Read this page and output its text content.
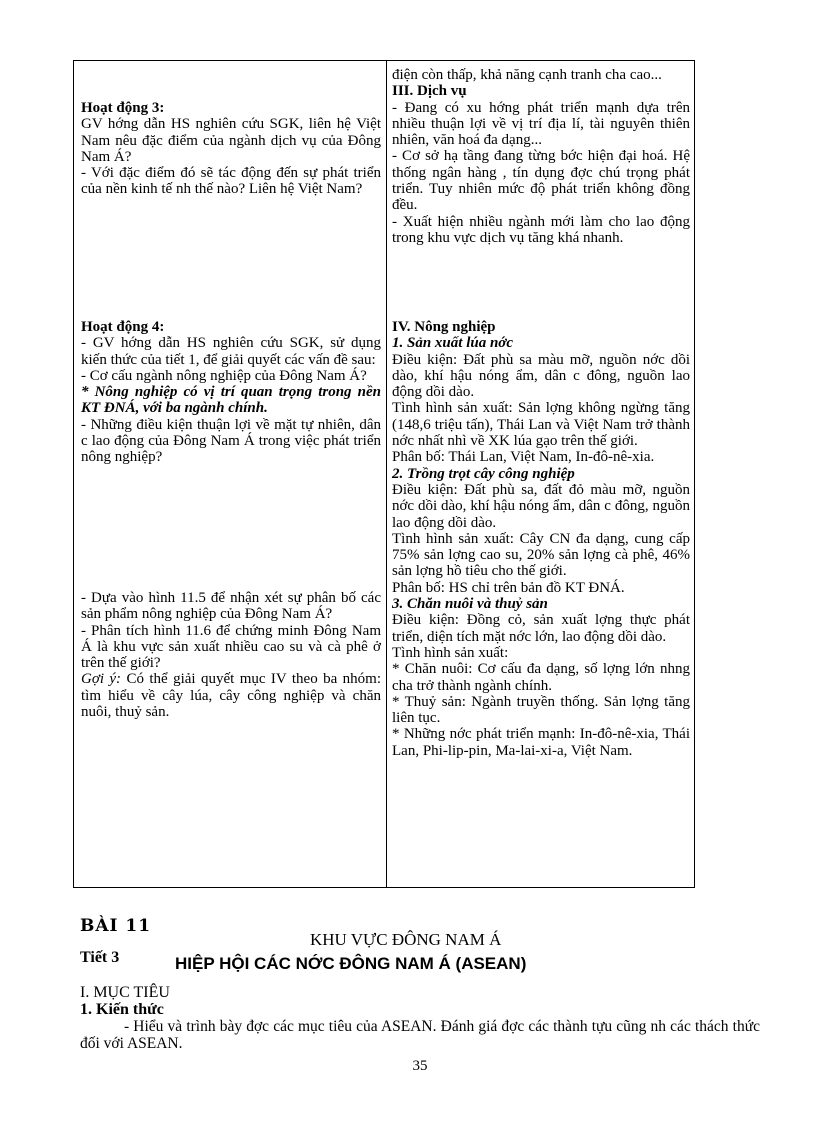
Hoạt động 3:

GV hớng dẫn HS nghiên cứu SGK, liên hệ Việt Nam nêu đặc điểm của ngành dịch vụ của Đông Nam Á?

- Với đặc điểm đó sẽ tác động đến sự phát triển của nền kinh tế nh thế nào? Liên hệ Việt Nam?

Hoạt động 4:

- GV hớng dẫn HS nghiên cứu SGK, sử dụng kiến thức của tiết 1, để giải quyết các vấn đề sau:

- Cơ cấu ngành nông nghiệp của Đông Nam Á?

* Nông nghiệp có vị trí quan trọng trong nền KT ĐNÁ, với ba ngành chính.

- Những điều kiện thuận lợi về mặt tự nhiên, dân c lao động của Đông Nam Á trong việc phát triển nông nghiệp?

- Dựa vào hình 11.5 để nhận xét sự phân bố các sản phẩm nông nghiệp của Đông Nam Á?

- Phân tích hình 11.6 để chứng minh Đông Nam Á là khu vực sản xuất nhiều cao su và cà phê ở trên thế giới?

Gợi ý: Có thể giải quyết mục IV theo ba nhóm: tìm hiểu về cây lúa, cây công nghiệp và chăn nuôi, thuỷ sản.

điện còn thấp, khả năng cạnh tranh cha cao...

III. Dịch vụ

- Đang có xu hớng phát triển mạnh dựa trên nhiều thuận lợi về vị trí địa lí, tài nguyên thiên nhiên, văn hoá đa dạng...

- Cơ sở hạ tầng đang từng bớc hiện đại hoá. Hệ thống ngân hàng , tín dụng đợc chú trọng phát triển. Tuy nhiên mức độ phát triển không đồng đều.

- Xuất hiện nhiều ngành mới làm cho lao động trong khu vực dịch vụ tăng khá nhanh.

IV. Nông nghiệp

1. Sản xuất lúa nớc

Điều kiện: Đất phù sa màu mỡ, nguồn nớc dồi dào, khí hậu nóng ẩm, dân c đông, nguồn lao động dồi dào.

Tình hình sản xuất: Sản lợng không ngừng tăng (148,6 triệu tấn), Thái Lan và Việt Nam trở thành nớc nhất nhì về XK lúa gạo trên thế giới.

Phân bố: Thái Lan, Việt Nam, In-đô-nê-xia.

2. Trồng trọt cây công nghiệp

Điều kiện: Đất phù sa, đất đỏ màu mỡ, nguồn nớc dồi dào, khí hậu nóng ẩm, dân c đông, nguồn lao động dồi dào.

Tình hình sản xuất: Cây CN đa dạng, cung cấp 75% sản lợng cao su, 20% sản lợng cà phê, 46% sản lợng hồ tiêu cho thế giới.

Phân bố: HS chỉ trên bản đồ KT ĐNÁ.

3. Chăn nuôi và thuỷ sản

Điều kiện: Đồng cỏ, sản xuất lợng thực phát triển, diện tích mặt nớc lớn, lao động dồi dào.

Tình hình sản xuất:

* Chăn nuôi: Cơ cấu đa dạng, số lợng lớn nhng cha trở thành ngành chính.

* Thuỷ sản: Ngành truyền thống. Sản lợng tăng liên tục.

* Những nớc phát triển mạnh: In-đô-nê-xia, Thái Lan, Phi-lip-pin, Ma-lai-xi-a, Việt Nam.

BÀI 11
KHU VỰC ĐÔNG NAM Á
Tiết 3	HIỆP HỘI CÁC NỚC ĐÔNG NAM Á (ASEAN)
I. MỤC TIÊU
1. Kiến thức
- Hiểu và trình bày đợc các mục tiêu của ASEAN. Đánh giá đợc các thành tựu cũng nh các thách thức đối với ASEAN.
35
